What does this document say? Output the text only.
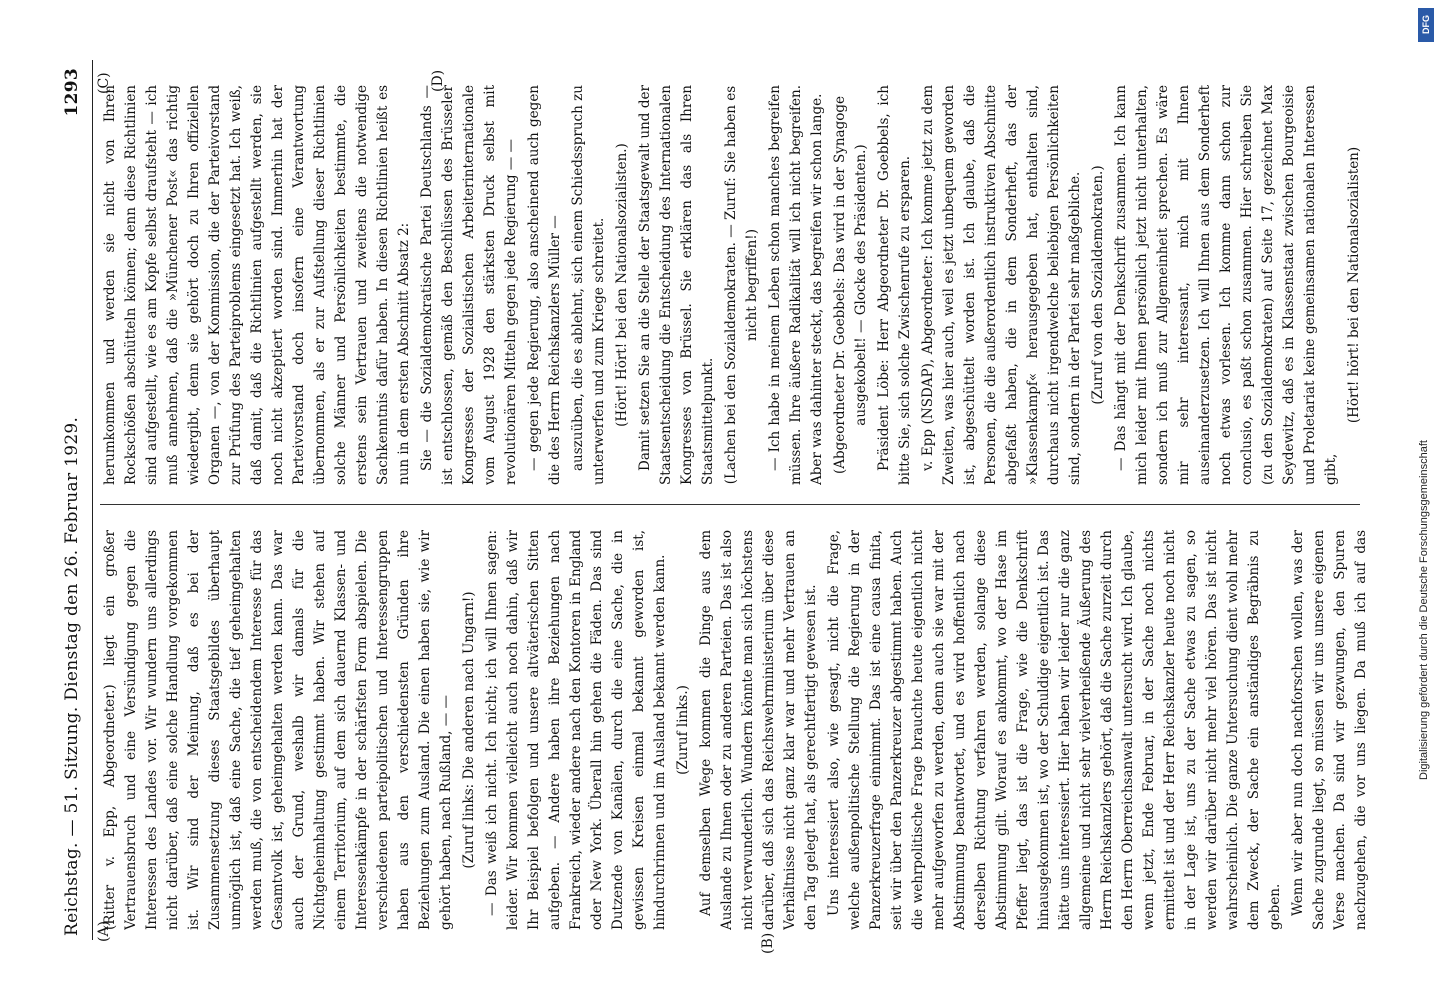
Reichstag. — 51. Sitzung. Dienstag den 26. Februar 1929.
1293
(A)
(B)
(C)	(D)

(Ritter v. Epp, Abgeordneter.) liegt ein großer Vertrauensbruch und eine Versündigung gegen die Interessen des Landes vor. Wir wundern uns allerdings nicht darüber, daß eine solche Handlung vorgekommen ist. Wir sind der Meinung, daß es bei der Zusammensetzung dieses Staatsgebildes überhaupt unmöglich ist, daß eine Sache, die tief geheimgehalten werden muß, die von entscheidendem Interesse für das Gesamtvolk ist, geheimgehalten werden kann. Das war auch der Grund, weshalb wir damals für die Nichtgeheimhaltung gestimmt haben. Wir stehen auf einem Territorium, auf dem sich dauernd Klassen- und Interessenkämpfe in der schärfsten Form abspielen. Die verschiedenen parteipolitischen und Interessengruppen haben aus den verschiedensten Gründen ihre Beziehungen zum Ausland. Die einen haben sie, wie wir gehört haben, nach Rußland, — — (Zuruf links: Die anderen nach Ungarn!) — Das weiß ich nicht. Ich nicht; ich will Ihnen sagen: leider. Wir kommen vielleicht auch noch dahin, daß wir Ihr Beispiel befolgen und unsere altväterischen Sitten aufgeben. — Andere haben ihre Beziehungen nach Frankreich, wieder andere nach den Kontoren in England oder New York. Überall hin gehen die Fäden. Das sind Dutzende von Kanälen, durch die eine Sache, die in gewissen Kreisen einmal bekannt geworden ist, hindurchrinnen und im Ausland bekannt werden kann. (Zuruf links.) Auf demselben Wege kommen die Dinge aus dem Auslande zu Ihnen oder zu anderen Parteien. Das ist also nicht verwunderlich. Wundern könnte man sich höchstens darüber, daß sich das Reichswehrministerium über diese Verhältnisse nicht ganz klar war und mehr Vertrauen an den Tag gelegt hat, als gerechtfertigt gewesen ist. Uns interessiert also, wie gesagt, nicht die Frage, welche außenpolitische Stellung die Regierung in der Panzerkreuzerfrage einnimmt. Das ist eine causa finita, seit wir über den Panzerkreuzer abgestimmt haben. Auch die wehrpolitische Frage brauchte heute eigentlich nicht mehr aufgeworfen zu werden, denn auch sie war mit der Abstimmung beantwortet, und es wird hoffentlich nach derselben Richtung verfahren werden, solange diese Abstimmung gilt. Worauf es ankommt, wo der Hase im Pfeffer liegt, das ist die Frage, wie die Denkschrift hinausgekommen ist, wo der Schuldige eigentlich ist. Das hätte uns interessiert. Hier haben wir leider nur die ganz allgemeine und nicht sehr vielverheißende Äußerung des Herrn Reichskanzlers gehört, daß die Sache zurzeit durch den Herrn Oberreichsanwalt untersucht wird. Ich glaube, wenn jetzt, Ende Februar, in der Sache noch nichts ermittelt ist und der Herr Reichskanzler heute noch nicht in der Lage ist, uns zu der Sache etwas zu sagen, so werden wir darüber nicht mehr viel hören. Das ist nicht wahrscheinlich. Die ganze Untersuchung dient wohl mehr dem Zweck, der Sache ein anständiges Begräbnis zu geben. Wenn wir aber nun doch nachforschen wollen, was der Sache zugrunde liegt, so müssen wir uns unsere eigenen Verse machen. Da sind wir gezwungen, den Spuren nachzugehen, die vor uns liegen. Da muß ich auf das

herumkommen und werden sie nicht von Ihren Rockschößen abschütteln können; denn diese Richtlinien sind aufgestellt, wie es am Kopfe selbst draufsteht — ich muß annehmen, daß die »Münchener Post« das richtig wiedergibt, denn sie gehört doch zu Ihren offiziellen Organen —, von der Kommission, die der Parteivorstand zur Prüfung des Parteiproblems eingesetzt hat. Ich weiß, daß damit, daß die Richtlinien aufgestellt werden, sie noch nicht akzeptiert worden sind. Immerhin hat der Parteivorstand doch insofern eine Verantwortung übernommen, als er zur Aufstellung dieser Richtlinien solche Männer und Persönlichkeiten bestimmte, die erstens sein Vertrauen und zweitens die notwendige Sachkenntnis dafür haben. In diesen Richtlinien heißt es nun in dem ersten Abschnitt Absatz 2: Sie — die Sozialdemokratische Partei Deutschlands — ist entschlossen, gemäß den Beschlüssen des Brüsseler Kongresses der Sozialistischen Arbeiterinternationale vom August 1928 den stärksten Druck selbst mit revolutionären Mitteln gegen jede Regierung — — — gegen jede Regierung, also anscheinend auch gegen die des Herrn Reichskanzlers Müller — auszuüben, die es ablehnt, sich einem Schiedsspruch zu unterwerfen und zum Kriege schreitet. (Hört! Hört! bei den Nationalsozialisten.) Damit setzen Sie an die Stelle der Staatsgewalt und der Staatsentscheidung die Entscheidung des Internationalen Kongresses von Brüssel. Sie erklären das als Ihren Staatsmittelpunkt. (Lachen bei den Sozialdemokraten. — Zuruf: Sie haben es nicht begriffen!) — Ich habe in meinem Leben schon manches begreifen müssen. Ihre äußere Radikalität will ich nicht begreifen. Aber was dahinter steckt, das begreifen wir schon lange. (Abgeordneter Dr. Goebbels: Das wird in der Synagoge ausgekobelt! — Glocke des Präsidenten.) Präsident Löbe: Herr Abgeordneter Dr. Goebbels, ich bitte Sie, sich solche Zwischenrufe zu ersparen. v. Epp (NSDAP), Abgeordneter: Ich komme jetzt zu dem Zweiten, was hier auch, weil es jetzt unbequem geworden ist, abgeschüttelt worden ist. Ich glaube, daß die Personen, die die außerordentlich instruktiven Abschnitte abgefaßt haben, die in dem Sonderheft, das der »Klassenkampf« herausgegeben hat, enthalten sind, durchaus nicht irgendwelche beliebigen Persönlichkeiten sind, sondern in der Partei sehr maßgebliche. (Zuruf von den Sozialdemokraten.) — Das hängt mit der Denkschrift zusammen. Ich kann mich leider mit Ihnen persönlich jetzt nicht unterhalten, sondern ich muß zur Allgemeinheit sprechen. Es wäre mir sehr interessant, mich mit Ihnen auseinanderzusetzen. Ich will Ihnen aus dem Sonderheft noch etwas vorlesen. Ich komme dann schon zur conclusio, es paßt schon zusammen. Hier schreiben Sie (zu den Sozialdemokraten) auf Seite 17, gezeichnet Max Seydewitz, daß es in Klassenstaat zwischen Bourgeoisie und Proletariat keine gemeinsamen nationalen Interessen gibt,

(Hört! hört! bei den Nationalsozialisten)

DFG
Digitalisierung gefördert durch die Deutsche Forschungsgemeinschaft
